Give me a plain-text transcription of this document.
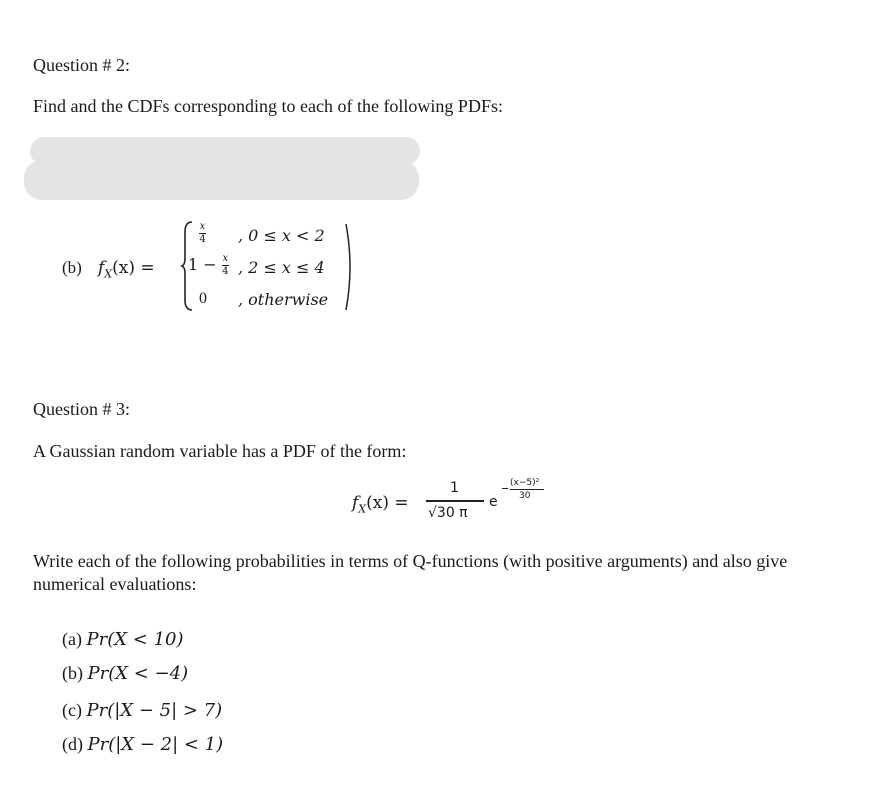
Question # 2:
Find and the CDFs corresponding to each of the following PDFs:
(b) $f_X(x)$ =
$\frac{x}{4}$ , 0 ≤ x < 2
$1 - \frac{x}{4}$ , 2 ≤ x ≤ 4
0 , otherwise
Question # 3:
A Gaussian random variable has a PDF of the form:
$f_X(x)$ =
1
√30 π
e
(x−5)²
30
Write each of the following probabilities in terms of Q-functions (with positive arguments) and also give
numerical evaluations:
(a) Pr(X < 10)
(b) Pr(X < −4)
(c) Pr(|X − 5| > 7)
(d) Pr(|X − 2| < 1)
